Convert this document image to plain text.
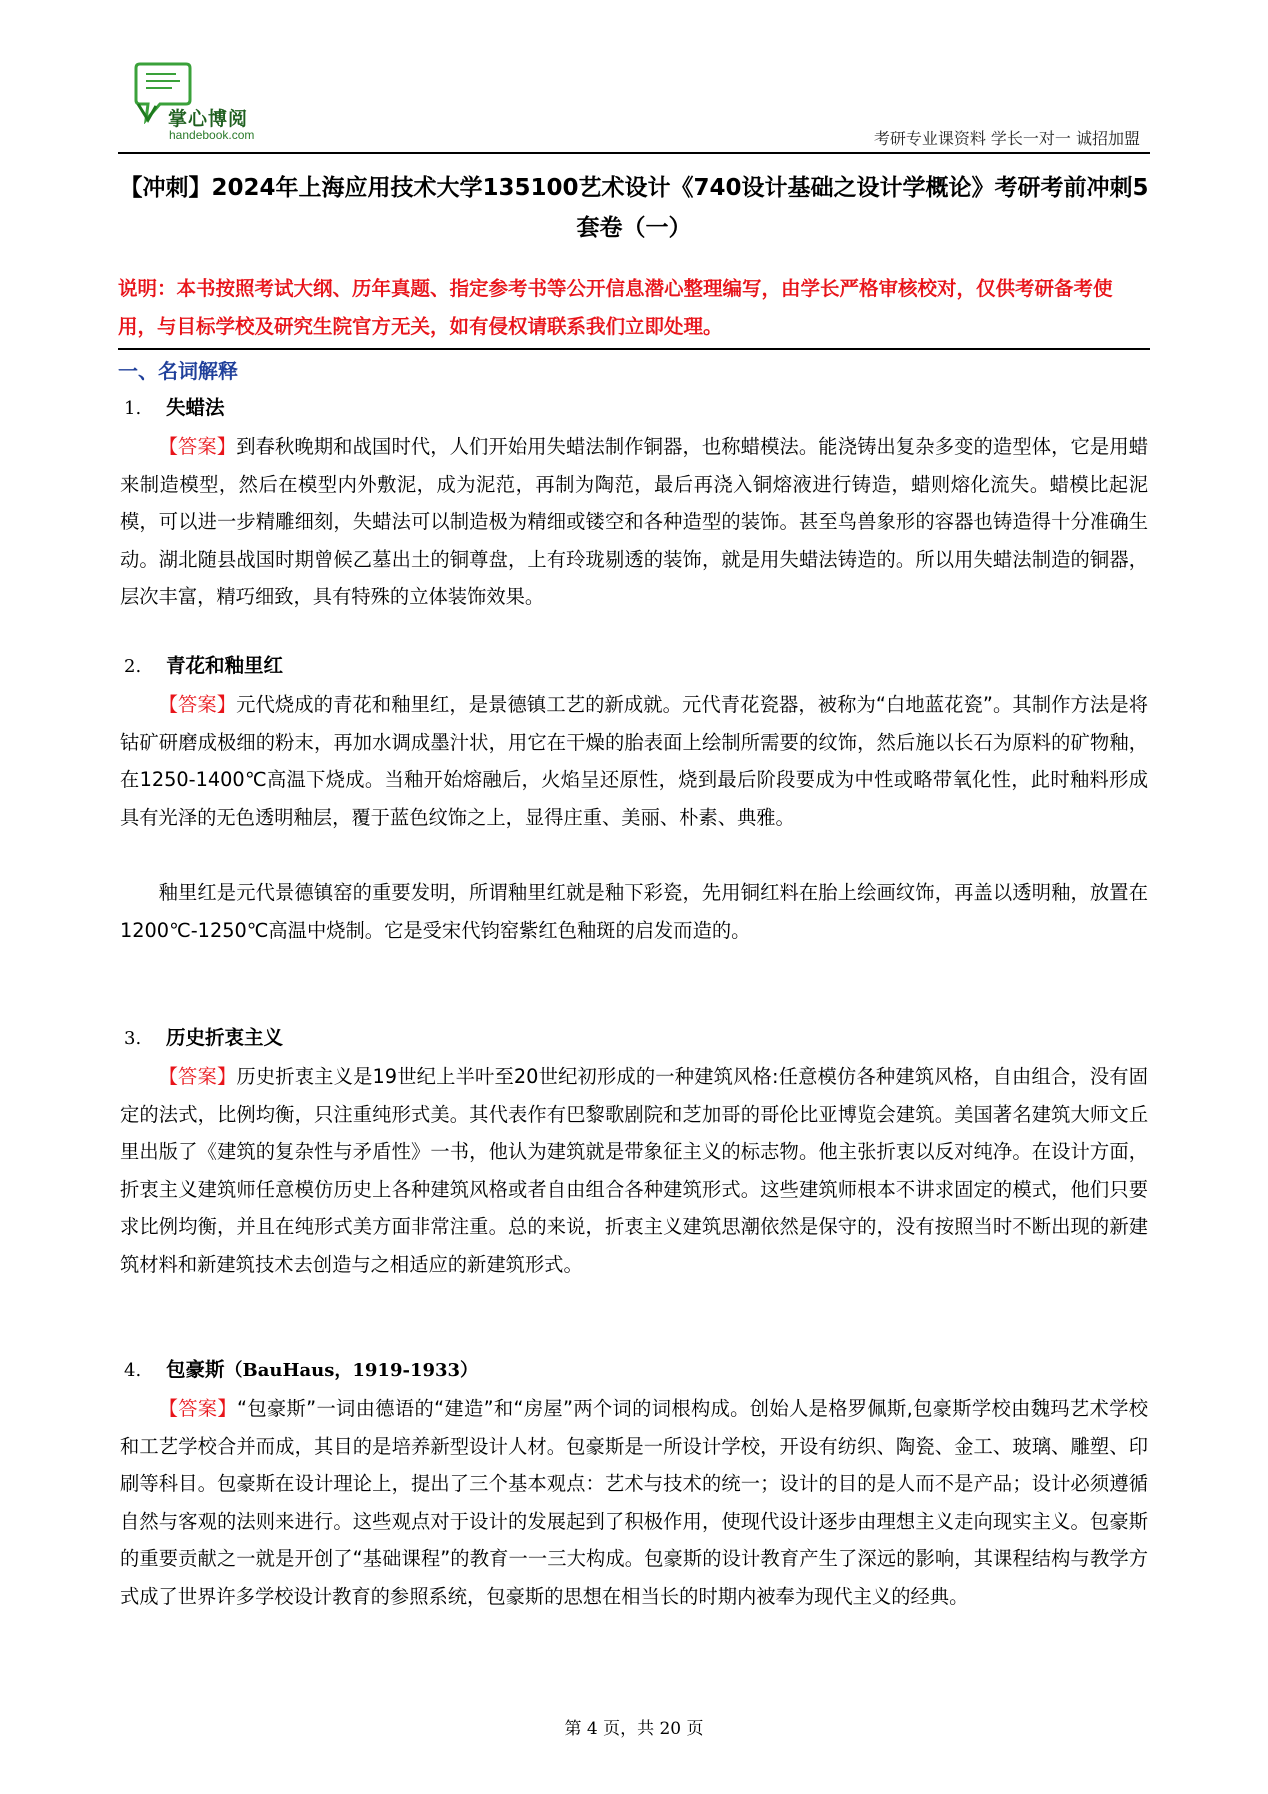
掌心博阅
handebook.com	考研专业课资料 学长一对一 诚招加盟
【冲刺】2024年上海应用技术大学135100艺术设计《740设计基础之设计学概论》考研考前冲刺5套卷（一）
说明：本书按照考试大纲、历年真题、指定参考书等公开信息潜心整理编写，由学长严格审核校对，仅供考研备考使用，与目标学校及研究生院官方无关，如有侵权请联系我们立即处理。
一、名词解释
1. 失蜡法

【答案】到春秋晚期和战国时代，人们开始用失蜡法制作铜器，也称蜡模法。能浇铸出复杂多变的造型体，它是用蜡来制造模型，然后在模型内外敷泥，成为泥范，再制为陶范，最后再浇入铜熔液进行铸造，蜡则熔化流失。蜡模比起泥模，可以进一步精雕细刻，失蜡法可以制造极为精细或镂空和各种造型的装饰。甚至鸟兽象形的容器也铸造得十分准确生动。湖北随县战国时期曾候乙墓出土的铜尊盘，上有玲珑剔透的装饰，就是用失蜡法铸造的。所以用失蜡法制造的铜器，层次丰富，精巧细致，具有特殊的立体装饰效果。

2. 青花和釉里红

【答案】元代烧成的青花和釉里红，是景德镇工艺的新成就。元代青花瓷器，被称为“白地蓝花瓷”。其制作方法是将钴矿研磨成极细的粉末，再加水调成墨汁状，用它在干燥的胎表面上绘制所需要的纹饰，然后施以长石为原料的矿物釉，在1250-1400℃高温下烧成。当釉开始熔融后，火焰呈还原性，烧到最后阶段要成为中性或略带氧化性，此时釉料形成具有光泽的无色透明釉层，覆于蓝色纹饰之上，显得庄重、美丽、朴素、典雅。

釉里红是元代景德镇窑的重要发明，所谓釉里红就是釉下彩瓷，先用铜红料在胎上绘画纹饰，再盖以透明釉，放置在1200℃-1250℃高温中烧制。它是受宋代钧窑紫红色釉斑的启发而造的。

3. 历史折衷主义

【答案】历史折衷主义是19世纪上半叶至20世纪初形成的一种建筑风格:任意模仿各种建筑风格，自由组合，没有固定的法式，比例均衡，只注重纯形式美。其代表作有巴黎歌剧院和芝加哥的哥伦比亚博览会建筑。美国著名建筑大师文丘里出版了《建筑的复杂性与矛盾性》一书，他认为建筑就是带象征主义的标志物。他主张折衷以反对纯净。在设计方面，折衷主义建筑师任意模仿历史上各种建筑风格或者自由组合各种建筑形式。这些建筑师根本不讲求固定的模式，他们只要求比例均衡，并且在纯形式美方面非常注重。总的来说，折衷主义建筑思潮依然是保守的，没有按照当时不断出现的新建筑材料和新建筑技术去创造与之相适应的新建筑形式。

4. 包豪斯（BauHaus，1919-1933）

【答案】“包豪斯”一词由德语的“建造”和“房屋”两个词的词根构成。创始人是格罗佩斯,包豪斯学校由魏玛艺术学校和工艺学校合并而成，其目的是培养新型设计人材。包豪斯是一所设计学校，开设有纺织、陶瓷、金工、玻璃、雕塑、印刷等科目。包豪斯在设计理论上，提出了三个基本观点：艺术与技术的统一；设计的目的是人而不是产品；设计必须遵循自然与客观的法则来进行。这些观点对于设计的发展起到了积极作用，使现代设计逐步由理想主义走向现实主义。包豪斯的重要贡献之一就是开创了“基础课程”的教育一一三大构成。包豪斯的设计教育产生了深远的影响，其课程结构与教学方式成了世界许多学校设计教育的参照系统，包豪斯的思想在相当长的时期内被奉为现代主义的经典。

第 4 页，共 20 页
